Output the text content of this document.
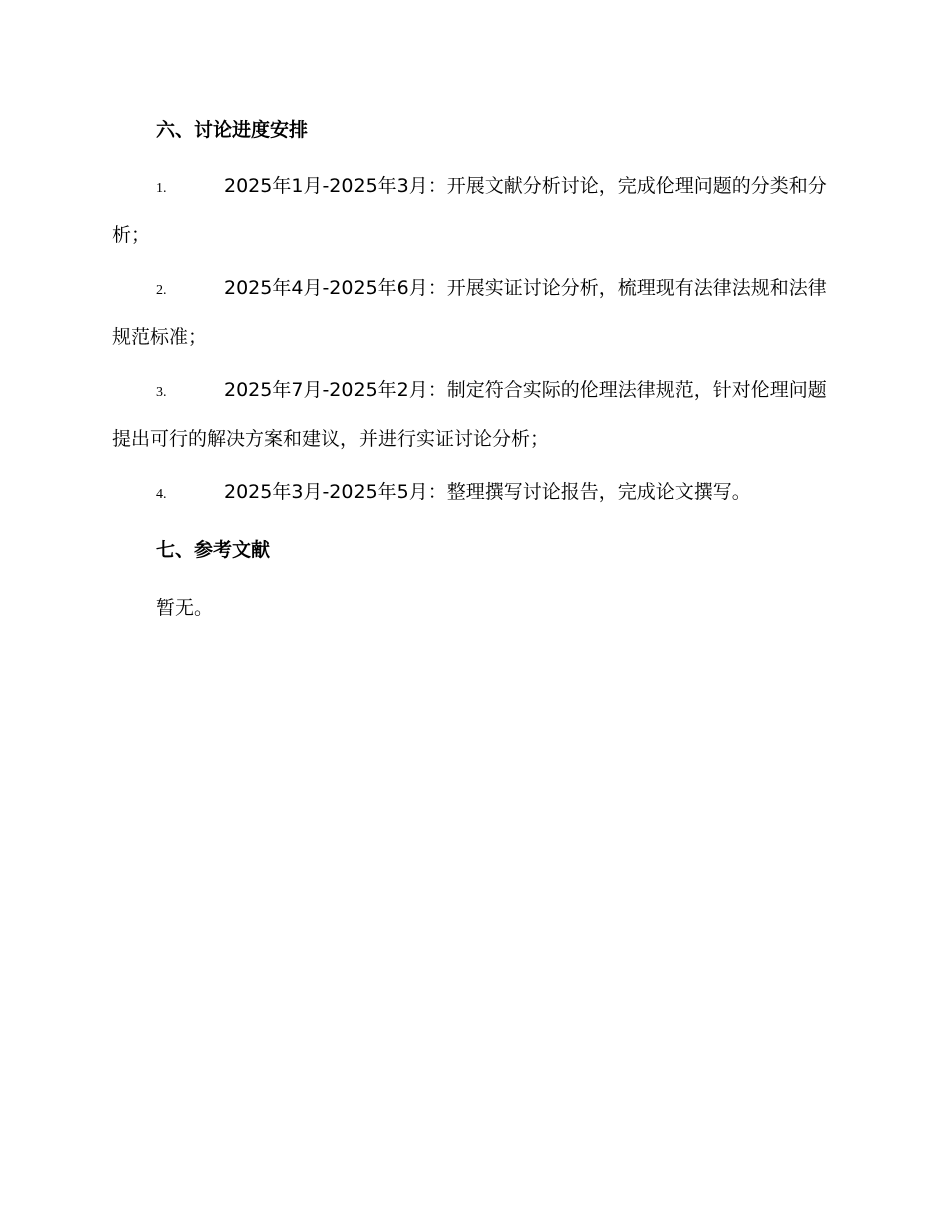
六、讨论进度安排
1.	2025年1月-2025年3月：开展文献分析讨论，完成伦理问题的分类和分析；
2.	2025年4月-2025年6月：开展实证讨论分析，梳理现有法律法规和法律规范标准；
3.	2025年7月-2025年2月：制定符合实际的伦理法律规范，针对伦理问题提出可行的解决方案和建议，并进行实证讨论分析；
4.	2025年3月-2025年5月：整理撰写讨论报告，完成论文撰写。
七、参考文献

暂无。
